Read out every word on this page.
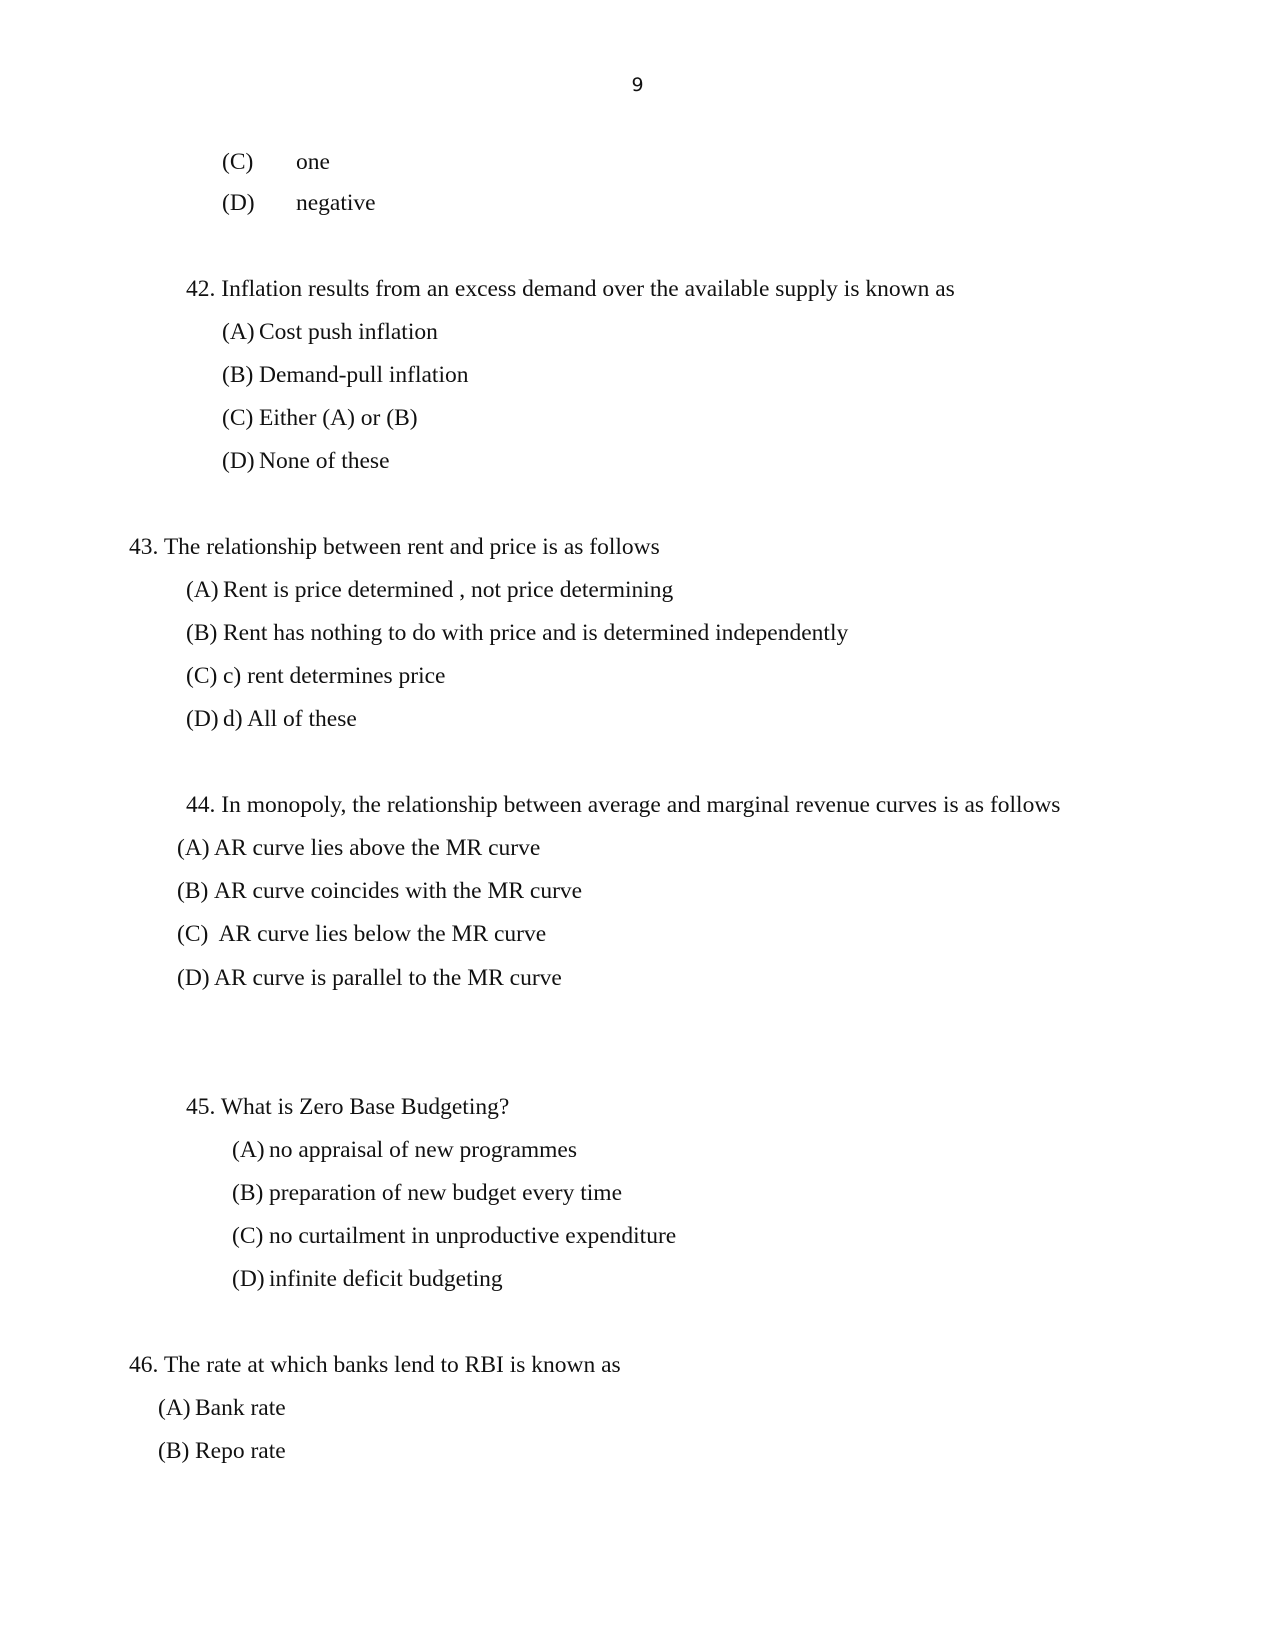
9
(C) one
(D) negative
42. Inflation results from an excess demand over the available supply is known as
(A) Cost push inflation
(B) Demand-pull inflation
(C) Either (A) or (B)
(D) None of these
43. The relationship between rent and price is as follows
(A) Rent is price determined , not price determining
(B) Rent has nothing to do with price and is determined independently
(C) c) rent determines price
(D) d) All of these
44. In monopoly, the relationship between average and marginal revenue curves is as follows
(A) AR curve lies above the MR curve
(B) AR curve coincides with the MR curve
(C) AR curve lies below the MR curve
(D) AR curve is parallel to the MR curve
45. What is Zero Base Budgeting?
(A) no appraisal of new programmes
(B) preparation of new budget every time
(C) no curtailment in unproductive expenditure
(D) infinite deficit budgeting
46. The rate at which banks lend to RBI is known as
(A) Bank rate
(B) Repo rate
